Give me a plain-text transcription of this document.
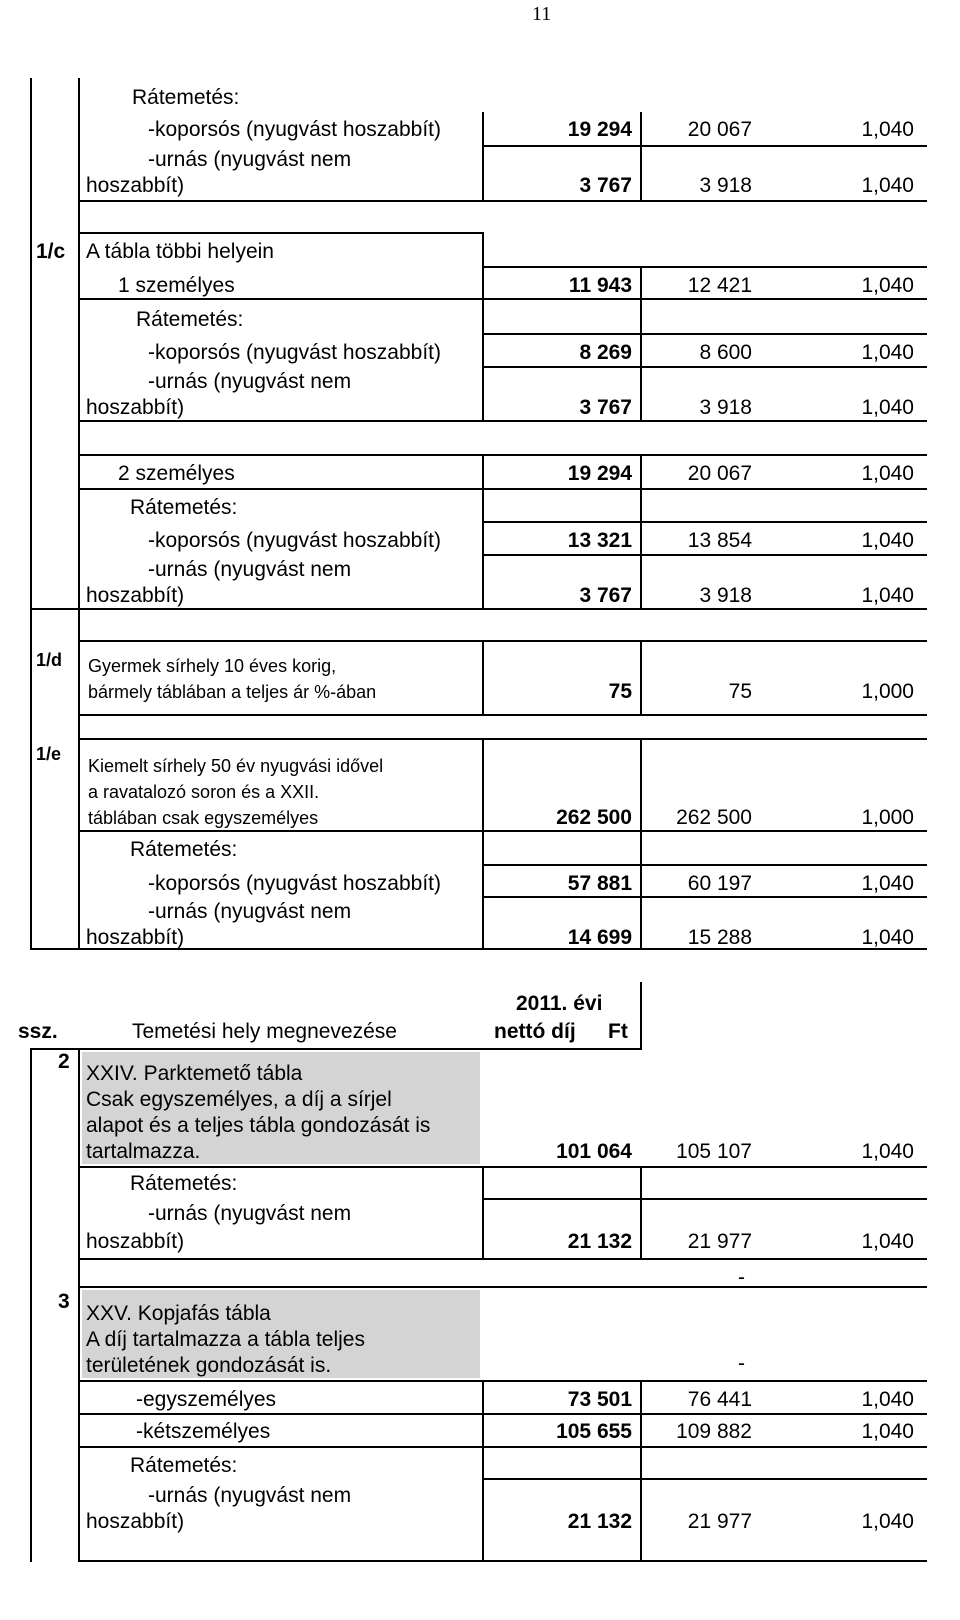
11
Rátemetés:
-koporsós (nyugvást hoszabbít)	19 294	20 067	1,040
-urnás (nyugvást nem
hoszabbít)	3 767	3 918	1,040
1/c A tábla többi helyein
1 személyes	11 943	12 421	1,040
Rátemetés:
-koporsós (nyugvást hoszabbít)	8 269	8 600	1,040
-urnás (nyugvást nem
hoszabbít)	3 767	3 918	1,040
2 személyes	19 294	20 067	1,040
Rátemetés:
-koporsós (nyugvást hoszabbít)	13 321	13 854	1,040
-urnás (nyugvást nem
hoszabbít)	3 767	3 918	1,040
1/d Gyermek sírhely 10 éves korig,
bármely táblában a teljes ár %-ában	75	75	1,000
1/e
Kiemelt sírhely 50 év nyugvási idővel
a ravatalozó soron és a XXII.
táblában csak egyszemélyes	262 500	262 500	1,000
Rátemetés:
-koporsós (nyugvást hoszabbít)	57 881	60 197	1,040
-urnás (nyugvást nem
hoszabbít)	14 699	15 288	1,040
ssz.	Temetési hely megnevezése
2011. évi
nettó díj Ft
2
XXIV. Parktemető tábla
Csak egyszemélyes, a díj a sírjel
alapot és a teljes tábla gondozását is
tartalmazza.	101 064	105 107	1,040
Rátemetés:
-urnás (nyugvást nem
hoszabbít)	21 132	21 977	1,040
-
3
XXV. Kopjafás tábla
A díj tartalmazza a tábla teljes
területének gondozását is.	-
-egyszemélyes	73 501	76 441	1,040
-kétszemélyes	105 655	109 882	1,040
Rátemetés:
-urnás (nyugvást nem
hoszabbít)	21 132	21 977	1,040
